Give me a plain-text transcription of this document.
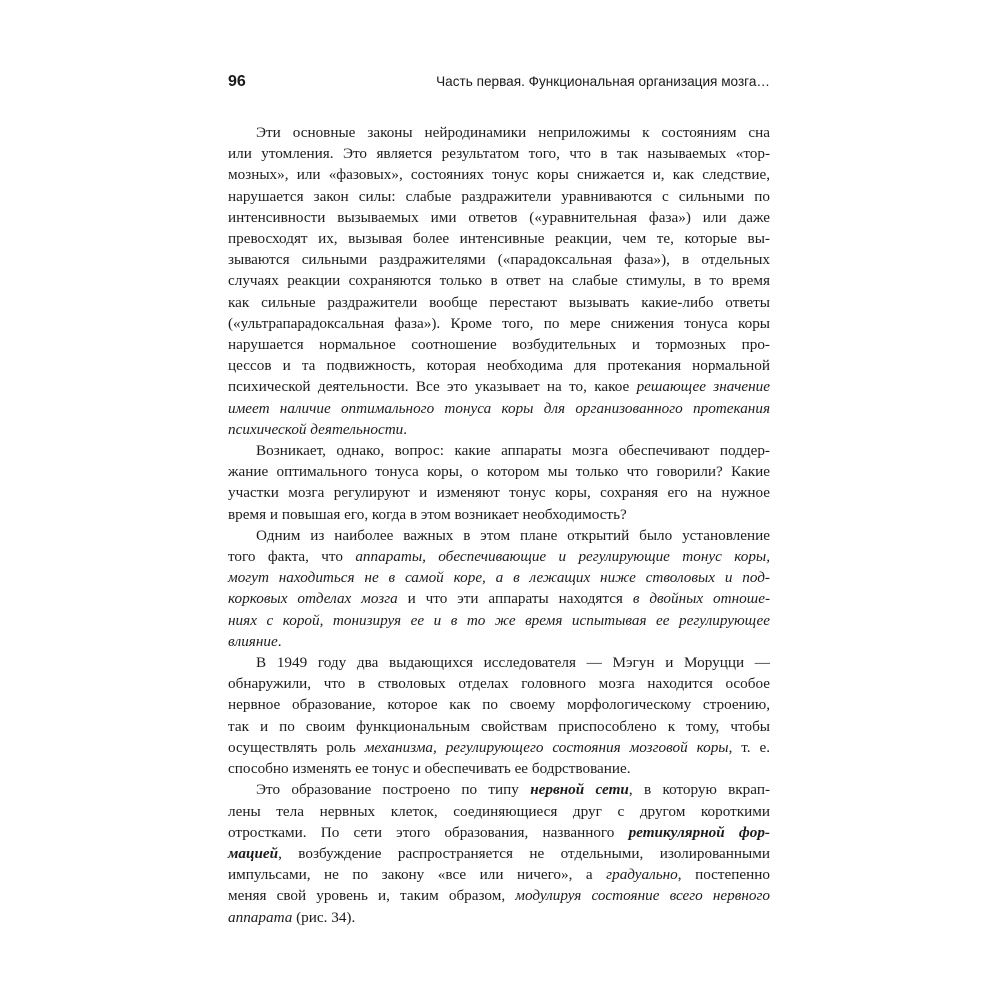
96	Часть первая. Функциональная организация мозга…

Эти основные законы нейродинамики неприложимы к состояниям сна
или утомления. Это является результатом того, что в так называемых «тор-
мозных», или «фазовых», состояниях тонус коры снижается и, как следствие,
нарушается закон силы: слабые раздражители уравниваются с сильными по
интенсивности вызываемых ими ответов («уравнительная фаза») или даже
превосходят их, вызывая более интенсивные реакции, чем те, которые вы-
зываются сильными раздражителями («парадоксальная фаза»), в отдельных
случаях реакции сохраняются только в ответ на слабые стимулы, в то время
как сильные раздражители вообще перестают вызывать какие-либо ответы
(«ультрапарадоксальная фаза»). Кроме того, по мере снижения тонуса коры
нарушается нормальное соотношение возбудительных и тормозных про-
цессов и та подвижность, которая необходима для протекания нормальной
психической деятельности. Все это указывает на то, какое решающее значение
имеет наличие оптимального тонуса коры для организованного протекания
психической деятельности.

Возникает, однако, вопрос: какие аппараты мозга обеспечивают поддер-
жание оптимального тонуса коры, о котором мы только что говорили? Какие
участки мозга регулируют и изменяют тонус коры, сохраняя его на нужное
время и повышая его, когда в этом возникает необходимость?

Одним из наиболее важных в этом плане открытий было установление
того факта, что аппараты, обеспечивающие и регулирующие тонус коры,
могут находиться не в самой коре, а в лежащих ниже стволовых и под-
корковых отделах мозга и что эти аппараты находятся в двойных отноше-
ниях с корой, тонизируя ее и в то же время испытывая ее регулирующее
влияние.

В 1949 году два выдающихся исследователя — Мэгун и Моруцци —
обнаружили, что в стволовых отделах головного мозга находится особое
нервное образование, которое как по своему морфологическому строению,
так и по своим функциональным свойствам приспособлено к тому, чтобы
осуществлять роль механизма, регулирующего состояния мозговой коры, т. е.
способно изменять ее тонус и обеспечивать ее бодрствование.

Это образование построено по типу нервной сети, в которую вкрап-
лены тела нервных клеток, соединяющиеся друг с другом короткими
отростками. По сети этого образования, названного ретикулярной фор-
мацией, возбуждение распространяется не отдельными, изолированными
импульсами, не по закону «все или ничего», а градуально, постепенно
меняя свой уровень и, таким образом, модулируя состояние всего нервного
аппарата (рис. 34).
